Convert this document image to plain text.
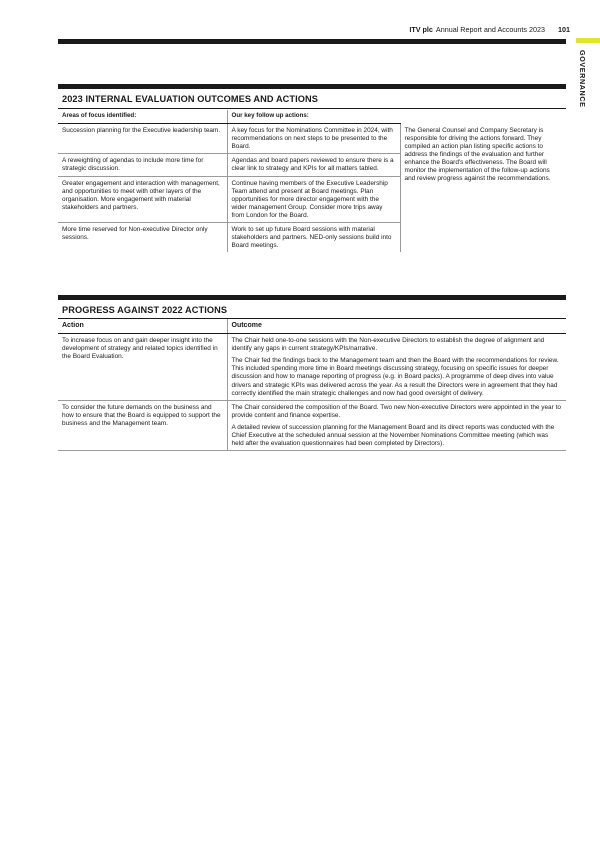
ITV plc Annual Report and Accounts 2023 101
GOVERNANCE
2023 INTERNAL EVALUATION OUTCOMES AND ACTIONS
Areas of focus identified:	Our key follow up actions:	
Succession planning for the Executive leadership team.	A key focus for the Nominations Committee in 2024, with recommendations on next steps to be presented to the Board.	The General Counsel and Company Secretary is responsible for driving the actions forward. They compiled an action plan listing specific actions to address the findings of the evaluation and further enhance the Board's effectiveness. The Board will monitor the implementation of the follow-up actions and review progress against the recommendations.
A reweighting of agendas to include more time for strategic discussion.	Agendas and board papers reviewed to ensure there is a clear link to strategy and KPIs for all matters tabled.	
Greater engagement and interaction with management, and opportunities to meet with other layers of the organisation. More engagement with material stakeholders and partners.	Continue having members of the Executive Leadership Team attend and present at Board meetings. Plan opportunities for more director engagement with the wider management Group. Consider more trips away from London for the Board.	
More time reserved for Non-executive Director only sessions.	Work to set up future Board sessions with material stakeholders and partners. NED-only sessions build into Board meetings.	
PROGRESS AGAINST 2022 ACTIONS
Action	Outcome
To increase focus on and gain deeper insight into the development of strategy and related topics identified in the Board Evaluation.	The Chair held one-to-one sessions with the Non-executive Directors to establish the degree of alignment and identify any gaps in current strategy/KPIs/narrative.

The Chair fed the findings back to the Management team and then the Board with the recommendations for review. This included spending more time in Board meetings discussing strategy, focusing on specific issues for deeper discussion and how to manage reporting of progress (e.g. in Board packs). A programme of deep dives into value drivers and strategic KPIs was delivered across the year. As a result the Directors were in agreement that they had correctly identified the main strategic challenges and now had good oversight of delivery.

To consider the future demands on the business and how to ensure that the Board is equipped to support the business and the Management team.	The Chair considered the composition of the Board. Two new Non-executive Directors were appointed in the year to provide content and finance expertise.

A detailed review of succession planning for the Management Board and its direct reports was conducted with the Chief Executive at the scheduled annual session at the November Nominations Committee meeting (which was held after the evaluation questionnaires had been completed by Directors).
